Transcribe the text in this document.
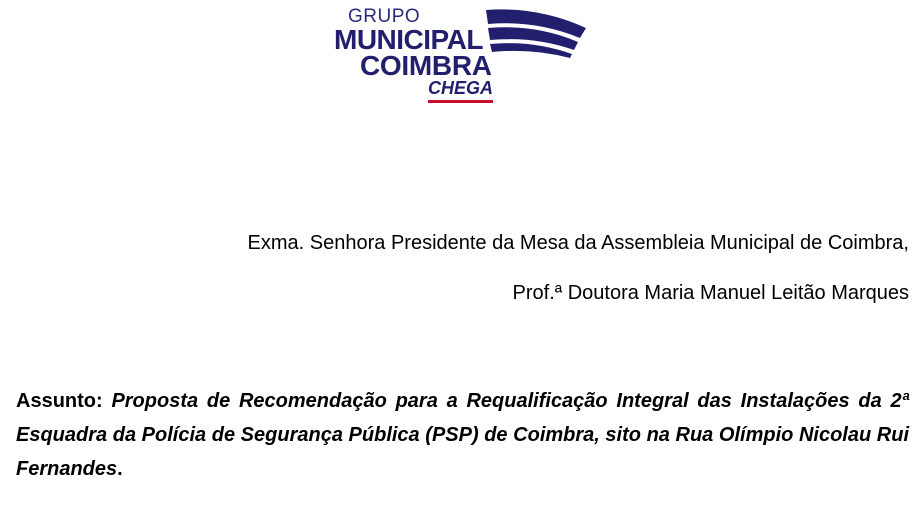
GRUPO
MUNICIPAL
COIMBRA
CHEGA
Exma. Senhora Presidente da Mesa da Assembleia Municipal de Coimbra,
Prof.ª Doutora Maria Manuel Leitão Marques
Assunto: Proposta de Recomendação para a Requalificação Integral das Instalações da 2ª Esquadra da Polícia de Segurança Pública (PSP) de Coimbra, sito na Rua Olímpio Nicolau Rui Fernandes.
